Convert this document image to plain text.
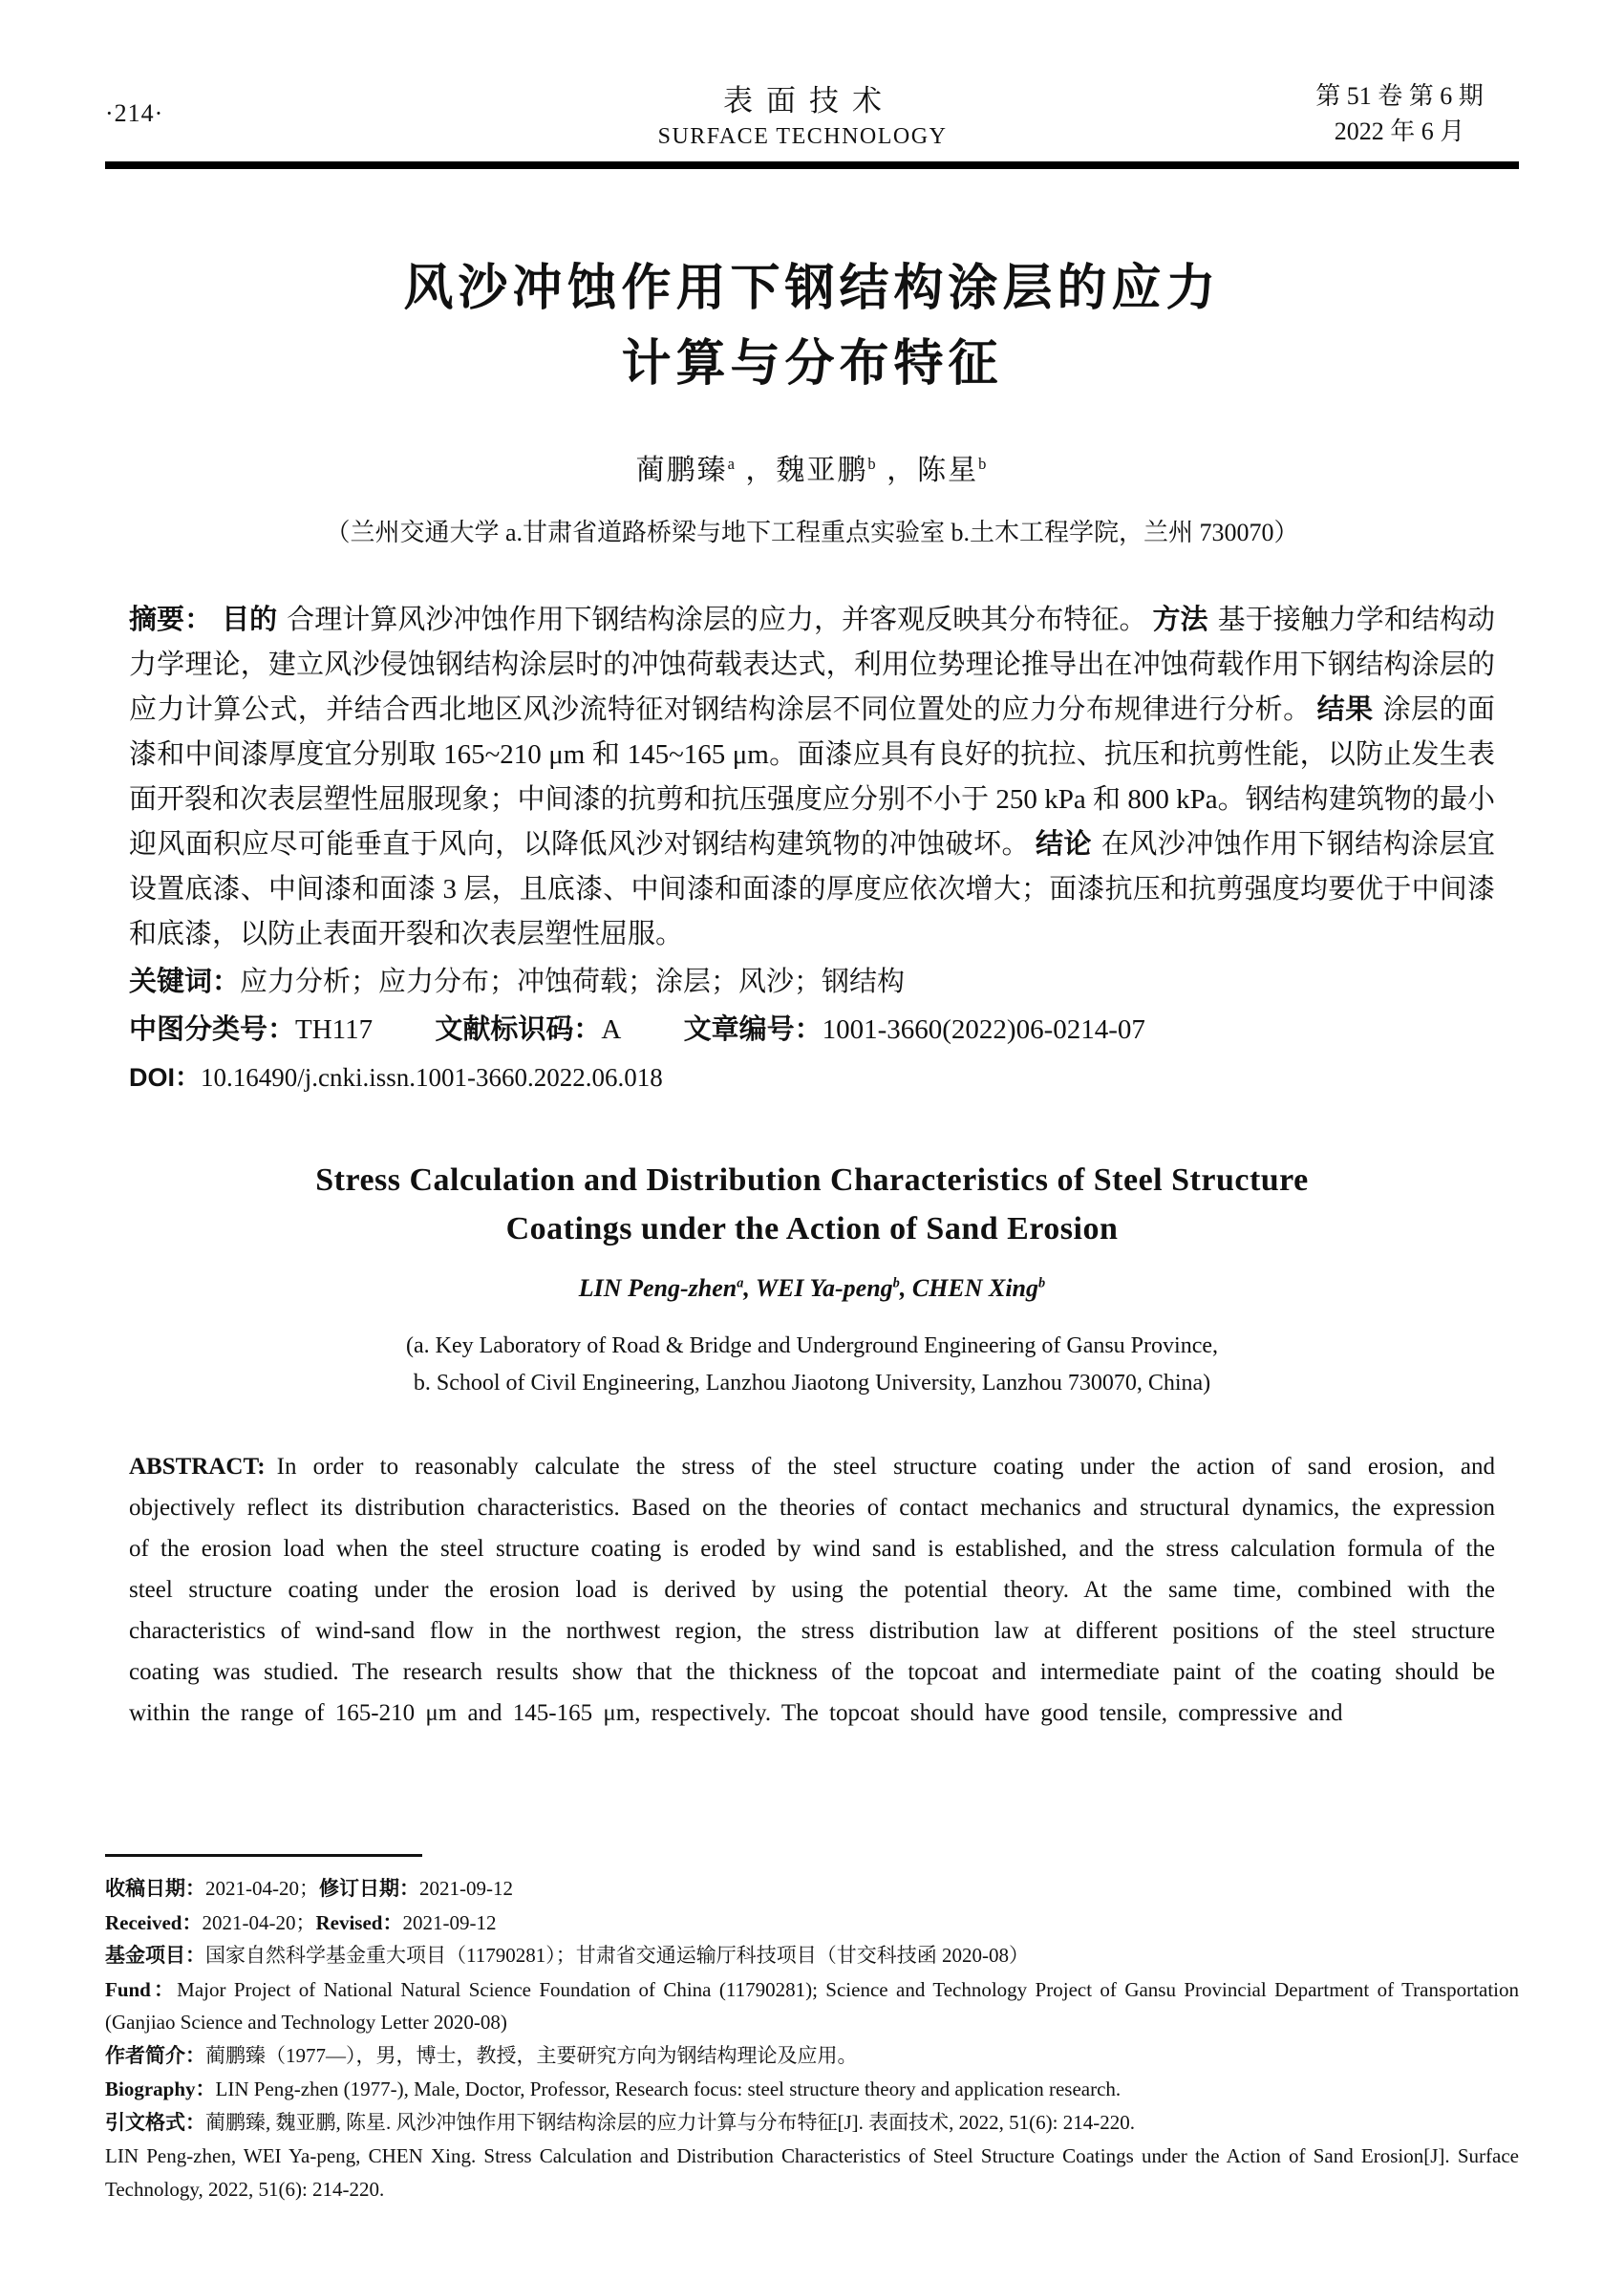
·214·	表面技术
SURFACE TECHNOLOGY
第 51 卷 第 6 期
2022 年 6 月
风沙冲蚀作用下钢结构涂层的应力
计算与分布特征
蔺鹏臻$^a$ ，魏亚鹏$^b$ ，陈星$^b$
（兰州交通大学 a.甘肃省道路桥梁与地下工程重点实验室 b.土木工程学院，兰州 730070）

摘要： 目的 合理计算风沙冲蚀作用下钢结构涂层的应力，并客观反映其分布特征。 方法 基于接触力学和结构动力学理论，建立风沙侵蚀钢结构涂层时的冲蚀荷载表达式，利用位势理论推导出在冲蚀荷载作用下钢结构涂层的应力计算公式，并结合西北地区风沙流特征对钢结构涂层不同位置处的应力分布规律进行分析。 结果 涂层的面漆和中间漆厚度宜分别取 165~210 μm 和 145~165 μm。面漆应具有良好的抗拉、抗压和抗剪性能，以防止发生表面开裂和次表层塑性屈服现象；中间漆的抗剪和抗压强度应分别不小于 250 kPa 和 800 kPa。钢结构建筑物的最小迎风面积应尽可能垂直于风向，以降低风沙对钢结构建筑物的冲蚀破坏。 结论 在风沙冲蚀作用下钢结构涂层宜设置底漆、中间漆和面漆 3 层，且底漆、中间漆和面漆的厚度应依次增大；面漆抗压和抗剪强度均要优于中间漆和底漆，以防止表面开裂和次表层塑性屈服。

关键词：应力分析；应力分布；冲蚀荷载；涂层；风沙；钢结构

中图分类号：TH117 文献标识码：A 文章编号：1001-3660(2022)06-0214-07

DOI：10.16490/j.cnki.issn.1001-3660.2022.06.018

Stress Calculation and Distribution Characteristics of Steel Structure
Coatings under the Action of Sand Erosion
LIN Peng-zhen$^a$, WEI Ya-peng$^b$, CHEN Xing$^b$
(a. Key Laboratory of Road & Bridge and Underground Engineering of Gansu Province,
b. School of Civil Engineering, Lanzhou Jiaotong University, Lanzhou 730070, China)

ABSTRACT: In order to reasonably calculate the stress of the steel structure coating under the action of sand erosion, and objectively reflect its distribution characteristics. Based on the theories of contact mechanics and structural dynamics, the expression of the erosion load when the steel structure coating is eroded by wind sand is established, and the stress calculation formula of the steel structure coating under the erosion load is derived by using the potential theory. At the same time, combined with the characteristics of wind-sand flow in the northwest region, the stress distribution law at different positions of the steel structure coating was studied. The research results show that the thickness of the topcoat and intermediate paint of the coating should be within the range of 165-210 μm and 145-165 μm, respectively. The topcoat should have good tensile, compressive and

收稿日期：2021-04-20；修订日期：2021-09-12

Received：2021-04-20；Revised：2021-09-12

基金项目：国家自然科学基金重大项目（11790281）；甘肃省交通运输厅科技项目（甘交科技函 2020-08）

Fund：Major Project of National Natural Science Foundation of China (11790281); Science and Technology Project of Gansu Provincial Department of Transportation (Ganjiao Science and Technology Letter 2020-08)

作者简介：蔺鹏臻（1977—），男，博士，教授，主要研究方向为钢结构理论及应用。

Biography：LIN Peng-zhen (1977-), Male, Doctor, Professor, Research focus: steel structure theory and application research.

引文格式：蔺鹏臻, 魏亚鹏, 陈星. 风沙冲蚀作用下钢结构涂层的应力计算与分布特征[J]. 表面技术, 2022, 51(6): 214-220.

LIN Peng-zhen, WEI Ya-peng, CHEN Xing. Stress Calculation and Distribution Characteristics of Steel Structure Coatings under the Action of Sand Erosion[J]. Surface Technology, 2022, 51(6): 214-220.
